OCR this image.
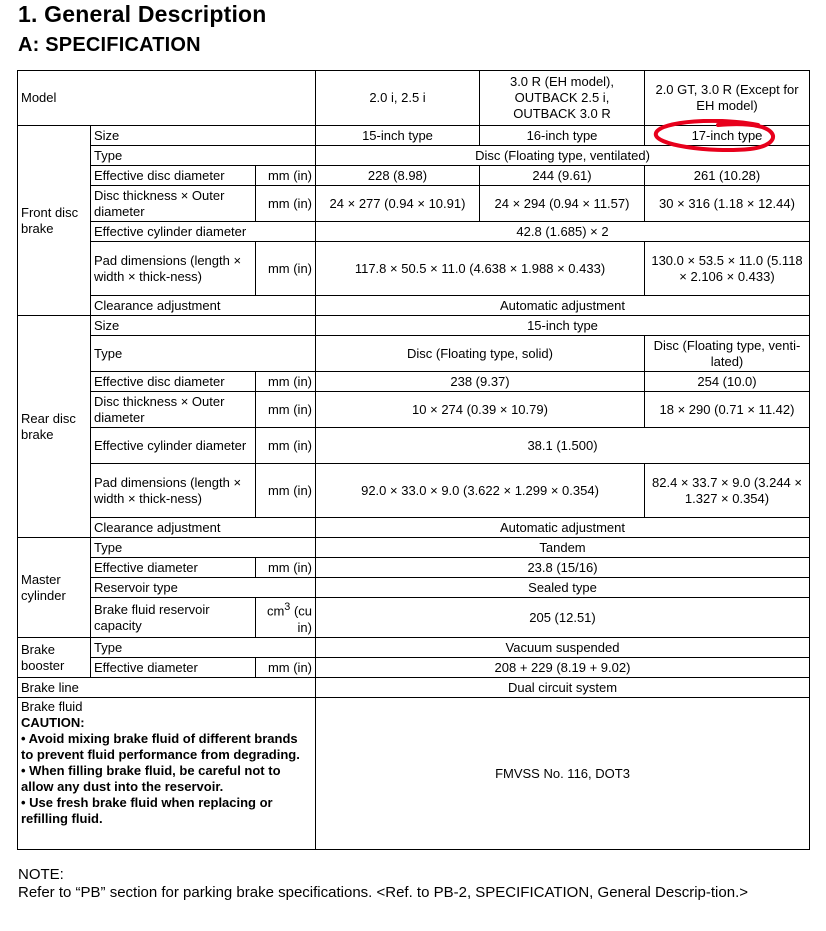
1. General Description
A: SPECIFICATION
Model			2.0 i, 2.5 i	3.0 R (EH model), OUTBACK 2.5 i, OUTBACK 3.0 R	2.0 GT, 3.0 R (Except for EH model)
Front disc brake	Size		15-inch type	16-inch type	17-inch type
	Type		Disc (Floating type, ventilated)		
	Effective disc diameter	mm (in)	228 (8.98)	244 (9.61)	261 (10.28)
	Disc thickness × Outer diameter	mm (in)	24 × 277 (0.94 × 10.91)	24 × 294 (0.94 × 11.57)	30 × 316 (1.18 × 12.44)
	Effective cylinder diameter		42.8 (1.685) × 2		
	Pad dimensions (length × width × thick-ness)	mm (in)	117.8 × 50.5 × 11.0 (4.638 × 1.988 × 0.433)		130.0 × 53.5 × 11.0 (5.118 × 2.106 × 0.433)
	Clearance adjustment		Automatic adjustment		
Rear disc brake	Size		15-inch type		
	Type		Disc (Floating type, solid)		Disc (Floating type, venti-lated)
	Effective disc diameter	mm (in)	238 (9.37)		254 (10.0)
	Disc thickness × Outer diameter	mm (in)	10 × 274 (0.39 × 10.79)		18 × 290 (0.71 × 11.42)
	Effective cylinder diameter	mm (in)	38.1 (1.500)		
	Pad dimensions (length × width × thick-ness)	mm (in)	92.0 × 33.0 × 9.0 (3.622 × 1.299 × 0.354)		82.4 × 33.7 × 9.0 (3.244 × 1.327 × 0.354)
	Clearance adjustment		Automatic adjustment		
Master cylinder	Type		Tandem		
	Effective diameter	mm (in)	23.8 (15/16)		
	Reservoir type		Sealed type		
	Brake fluid reservoir capacity	$cm^3$ (cu in)	205 (12.51)		
Brake booster	Type		Vacuum suspended		
	Effective diameter	mm (in)	208 + 229 (8.19 + 9.02)		
Brake line			Dual circuit system		

Brake fluid
CAUTION:
• Avoid mixing brake fluid of different brands to prevent fluid performance from degrading.
• When filling brake fluid, be careful not to allow any dust into the reservoir.
• Use fresh brake fluid when replacing or refilling fluid.			FMVSS No. 116, DOT3		
NOTE:
Refer to “PB” section for parking brake specifications. <Ref. to PB-2, SPECIFICATION, General Descrip-tion.>
